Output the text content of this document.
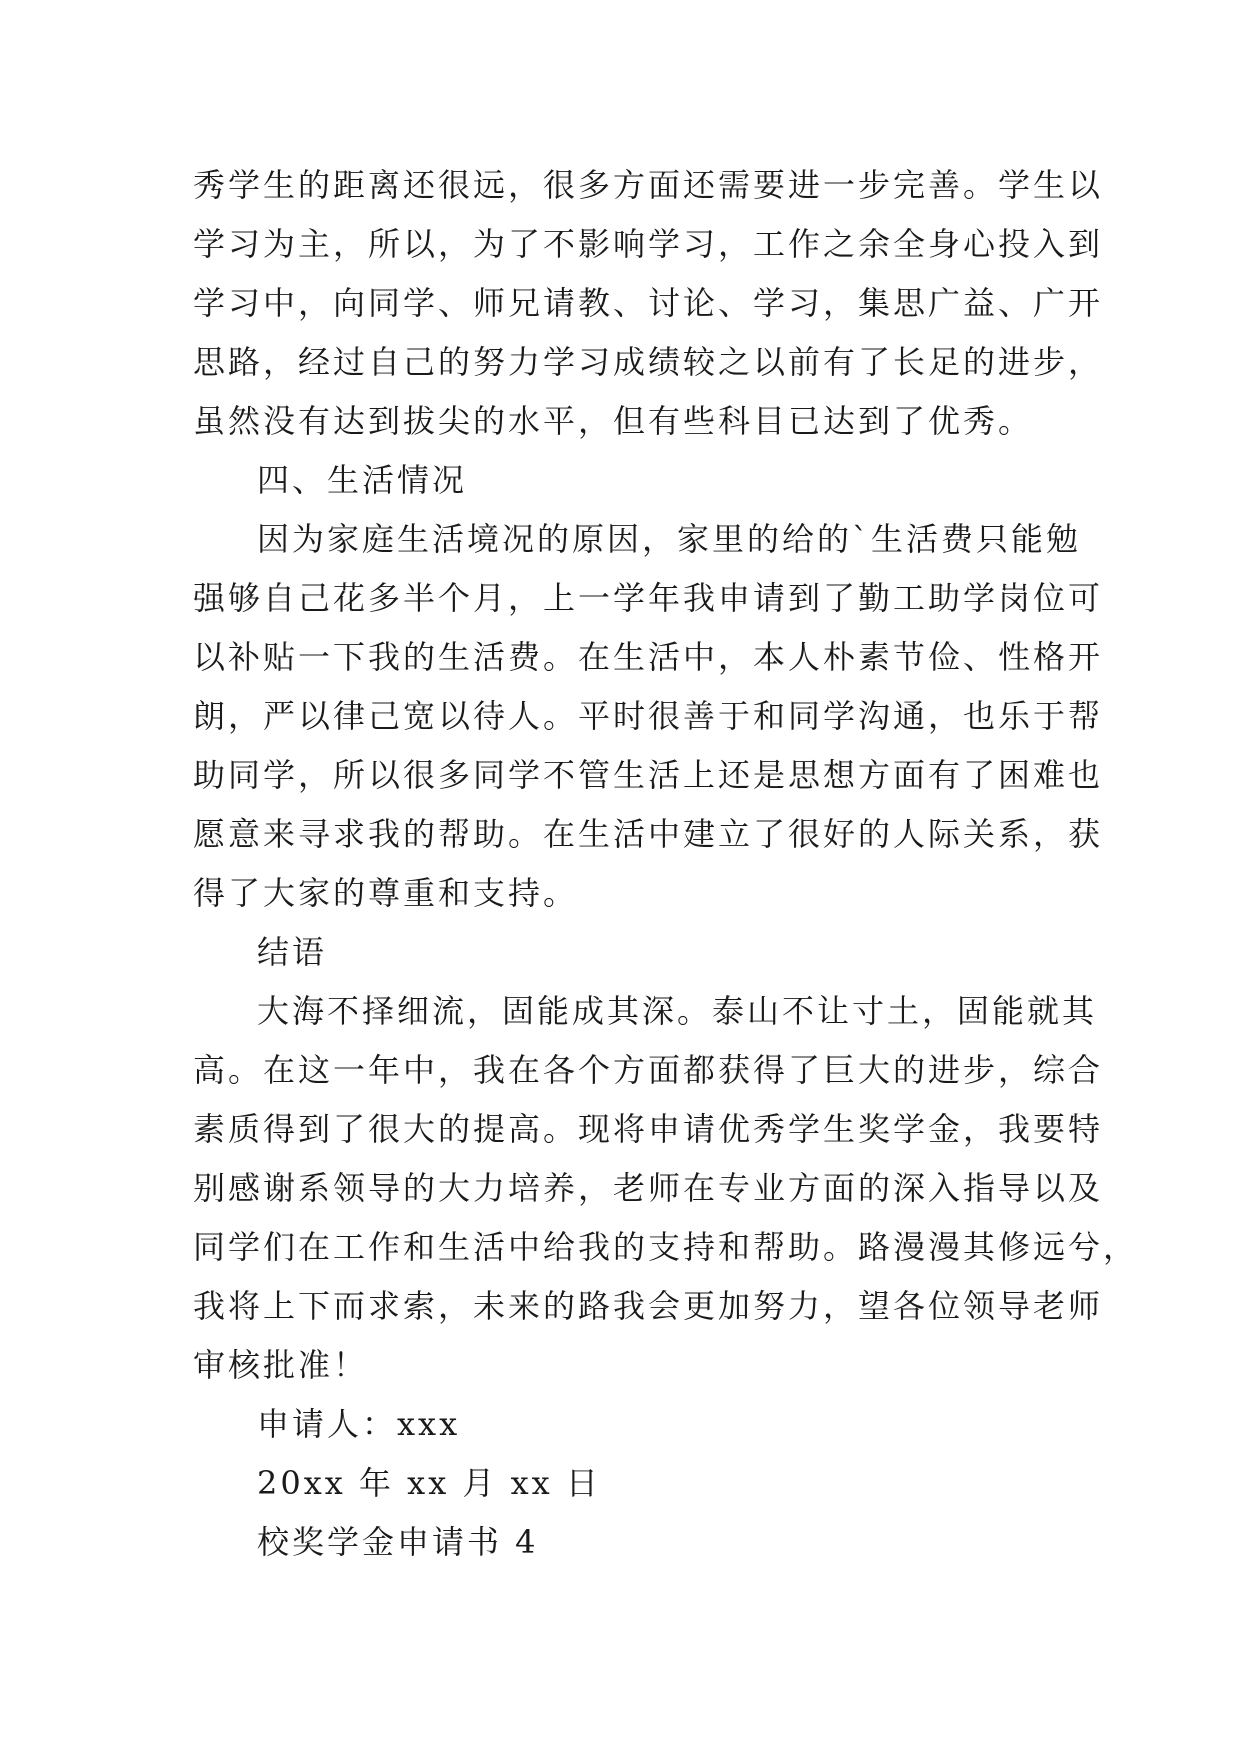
秀学生的距离还很远，很多方面还需要进一步完善。学生以
学习为主，所以，为了不影响学习，工作之余全身心投入到
学习中，向同学、师兄请教、讨论、学习，集思广益、广开
思路，经过自己的努力学习成绩较之以前有了长足的进步，
虽然没有达到拔尖的水平，但有些科目已达到了优秀。
四、生活情况
因为家庭生活境况的原因，家里的给的`生活费只能勉
强够自己花多半个月，上一学年我申请到了勤工助学岗位可
以补贴一下我的生活费。在生活中，本人朴素节俭、性格开
朗，严以律己宽以待人。平时很善于和同学沟通，也乐于帮
助同学，所以很多同学不管生活上还是思想方面有了困难也
愿意来寻求我的帮助。在生活中建立了很好的人际关系，获
得了大家的尊重和支持。
结语
大海不择细流，固能成其深。泰山不让寸土，固能就其
高。在这一年中，我在各个方面都获得了巨大的进步，综合
素质得到了很大的提高。现将申请优秀学生奖学金，我要特
别感谢系领导的大力培养，老师在专业方面的深入指导以及
同学们在工作和生活中给我的支持和帮助。路漫漫其修远兮，
我将上下而求索，未来的路我会更加努力，望各位领导老师
审核批准！
申请人：xxx
20xx 年 xx 月 xx 日
校奖学金申请书 4
